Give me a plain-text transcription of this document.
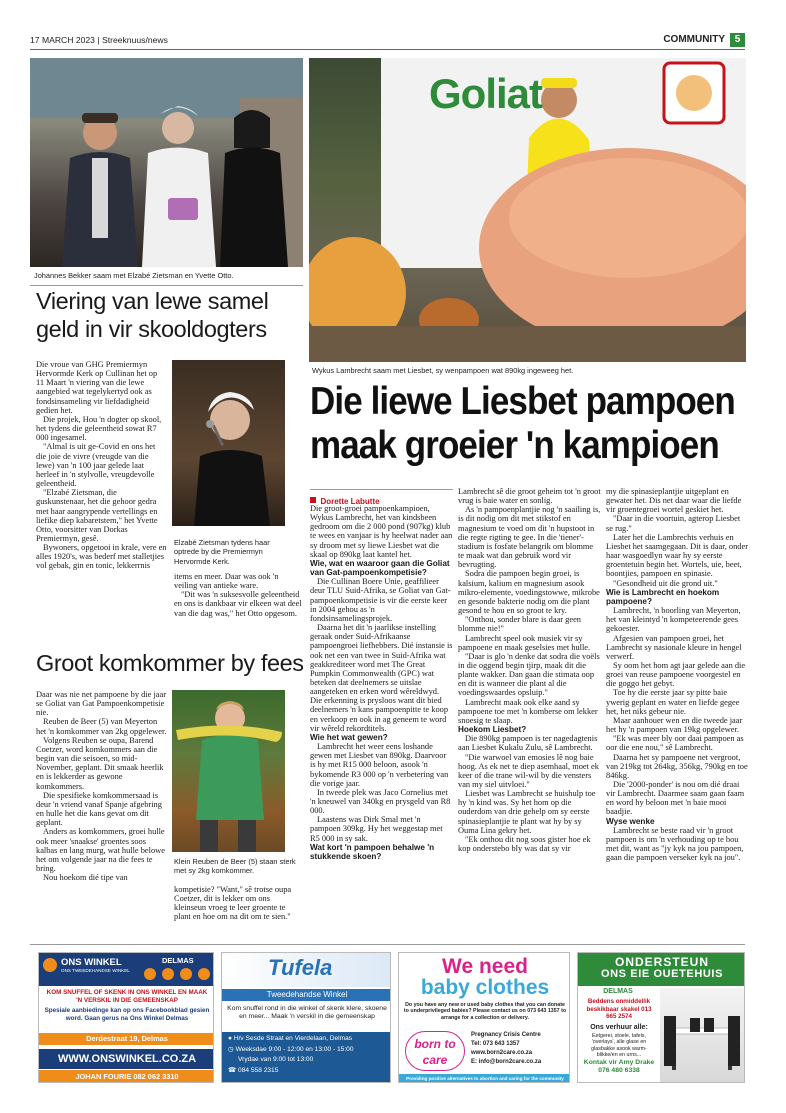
17 MARCH 2023 | Streeknuus/news	COMMUNITY 5
Johannes Bekker saam met Elzabé Zietsman en Yvette Otto.
Viering van lewe samel geld in vir skooldogters

Die vroue van GHG Premiermyn Hervormde Kerk op Cullinan het op 11 Maart 'n viering van die lewe aangebied wat tegelykertyd ook as fondsinsameling vir liefdadigheid gedien het.

Die projek, Hou 'n dogter op skool, het tydens die geleentheid sowat R7 000 ingesamel.

"Almal is uit ge-Covid en ons het die joie de vivre (vreugde van die lewe) van 'n 100 jaar gelede laat herleef in 'n stylvolle, vreugdevolle geleentheid.

"Elzabé Zietsman, die guskunstenaar, het die gehoor gedra met haar aangrypende vertellings en liefike diep kabaretstem," het Yvette Otto, voorsitter van Dorkas Premiermyn, gesê.

Bywoners, opgetooi in krale, vere en alles 1920's, was bederf met stalletjies vol gebak, gin en tonic, lekkerrnis

Elzabé Zietsman tydens haar optrede by die Premiermyn Hervormde Kerk.

items en meer. Daar was ook 'n veiling van antieke ware.

"Dit was 'n suksesvolle geleentheid en ons is dankbaar vir elkeen wat deel van die dag was," het Otto opgesom.

Groot komkommer by fees

Daar was nie net pampoene by die jaar se Goliat van Gat Pampoenkompetisie nie.

Reuben de Beer (5) van Meyerton het 'n komkommer van 2kg opgelewer.

Volgens Reuben se oupa, Barend Coetzer, word komkommers aan die begin van die seisoen, so mid-November, geplant. Dit smaak heerlik en is lekkerder as gewone komkommers.

Die spesifieke komkommersaad is deur 'n vriend vanaf Spanje afgebring en hulle het die kans gevat om dit geplant.

Anders as komkommers, groei hulle ook meer 'snaakse' groentes soos kalbas en lang murg, wat hulle belowe het om volgende jaar na die fees te bring.

Nou hoekom dié tipe van

Klein Reuben de Beer (5) staan sterk met sy 2kg komkommer.

kompetisie? "Want," sê trotse oupa Coetzer, dit is lekker om ons kleinseun vroeg te leer groente te plant en hoe om na dit om te sien."

Goliat
Wykus Lambrecht saam met Liesbet, sy wenpampoen wat 890kg ingeweeg het.
Die liewe Liesbet pampoen maak groeier 'n kampioen
Dorette Labutte

Die groot-groei pampoenkampioen, Wykus Lambrecht, het van kindsbeen gedroom om die 2 000 pond (907kg) klub te wees en vanjaar is hy heelwat nader aan sy droom met sy liewe Liesbet wat die skaal op 890kg laat kantel het.

Wie, wat en waaroor gaan die Goliat van Gat-pampoenkompetisie?

Die Cullinan Boere Unie, geaffilieer deur TLU Suid-Afrika, se Goliat van Gat-pampoenkompetisie is vir die eerste keer in 2004 gehou as 'n fondsinsamelingsprojek.

Daarna het dit 'n jaarlikse instelling geraak onder Suid-Afrikaanse pampoengroei liefhebbers. Dié instansie is ook net een van twee in Suid-Afrika wat geakkrediteer word met The Great Pumpkin Commonwealth (GPC) wat beteken dat deelnemers se uitslae aangeteken en erken word wêreldwyd. Die erkenning is prysloos want dit bied deelnemers 'n kans pampoenpitte te koop en verkoop en ook in ag geneem te word vir wêreld rekordtitels.

Wie het wat gewen?

Lambrecht het weer eens loshande gewen met Liesbet van 890kg. Daarvoor is hy met R15 000 beloon, asook 'n bykomende R3 000 op 'n verbetering van die vorige jaar.

In tweede plek was Jaco Cornelius met 'n kneuwel van 340kg en prysgeld van R8 000.

Laastens was Dirk Smal met 'n pampoen 309kg. Hy het weggestap met R5 000 in sy sak.

Wat kort 'n pampoen behalwe 'n stukkende skoen?

Lambrecht sê die groot geheim tot 'n groot vrug is baie water en sonlig.

As 'n pampoenplantjie nog 'n saailing is, is dit nodig om dit met stikstof en magnesium te voed om dit 'n hupstoot in die regte rigting te gee. In die 'tiener'-stadium is fosfate belangrik om blomme te maak wat dan gebruik word vir bevrugting.

Sodra die pampoen begin groei, is kalsium, kalium en magnesium asook mikro-elemente, voedingstowwe, mikrobe en gesonde bakterie nodig om die plant gesond te hou en so groot te kry.

"Onthou, sonder blare is daar geen blomme nie!"

Lambrecht speel ook musiek vir sy pampoene en maak geselsies met hulle.

"Daar is glo 'n denke dat sodra die voëls in die oggend begin tjirp, maak dit die plante wakker. Dan gaan die stimata oop en dit is wanneer die plant al die voedingswaardes opsluip."

Lambrecht maak ook elke aand sy pampoene toe met 'n komberse om lekker snoesig te slaap.

Hoekom Liesbet?

Die 890kg pampoen is ter nagedagtenis aan Liesbet Kukalu Zulu, sê Lambrecht.

"Die warwoel van emosies lê nog baie hoog. As ek net te diep asemhaal, moet ek keer of die trane wil-wil by die vensters van my siel uitvloei."

Liesbet was Lambrecht se huishulp toe hy 'n kind was. Sy het hom op die ouderdom van drie gehelp om sy eerste spinasieplantjie te plant wat hy by sy Ouma Lina gekry het.

"Ek onthou dit nog soos gister hoe ek kop onderstebo bly was dat sy vir

my die spinasieplantjie uitgeplant en gewater het. Dis net daar waar die liefde vir groentegroei wortel geskiet het.

"Daar in die voortuin, agterop Liesbet se rug."

Later het die Lambrechts verhuis en Liesbet het saamgegaan. Dit is daar, onder haar wasgoedlyn waar hy sy eerste groentetuin begin het. Wortels, uie, beet, boontjies, pampoen en spinasie.

"Gesondheid uit die grond uit."

Wie is Lambrecht en hoekom pampoene?

Lambrecht, 'n boorling van Meyerton, het van kleintyd 'n kompeteerende gees gekoester.

Afgesien van pampoen groei, het Lambrecht sy nasionale kleure in hengel verwerf.

Sy oom het hom agt jaar gelede aan die groei van reuse pampoene voorgestel en die goggo het gebyt.

Toe hy die eerste jaar sy pitte baie ywerig geplant en water en liefde gegee het, het niks gebeur nie.

Maar aanhouer wen en die tweede jaar het hy 'n pampoen van 19kg opgelewer.

"Ek was meer bly oor daai pampoen as oor die ene nou," sê Lambrecht.

Daarna het sy pampoene net vergroot, van 219kg tot 264kg, 356kg, 790kg en toe 846kg.

Die '2000-ponder' is nou om dié draai vir Lambrecht. Daarmee saam gaan faam en word hy beloon met 'n baie mooi baadjie.

Wyse wenke

Lambrecht se beste raad vir 'n groot pampoen is om 'n verhouding op te bou met dit, want as "jy kyk na jou pampoen, gaan die pampoen verseker kyk na jou".

ONS WINKEL
ONS TWEEDEHANDSE WINKEL
DELMAS

KOM SNUFFEL OF SKENK IN ONS WINKEL EN MAAK 'N VERSKIL IN DIE GEMEENSKAP
Spesiale aanbiedinge kan op ons Facebookblad gesien word. Gaan gerus na Ons Winkel Delmas
Derdestraat 19, Delmas
WWW.ONSWINKEL.CO.ZA
JOHAN FOURIE 082 062 3310
Tufela
Tweedehandse Winkel
Kom snuffel rond in die winkel of skenk klere, skoene en meer... Maak 'n verskil in die gemeenskap
● H/v Sesde Straat en Vierdelaan, Delmas
◷ Weeksdae 9:00 - 12:00 en 13:00 - 15:00
Vrydae van 9:00 tot 13:00
☎ 084 558 2315
We need
baby clothes
Do you have any new or used baby clothes that you can donate to underprivileged babies? Please contact us on 073 643 1357 to arrange for a collection or delivery.
born to care
Pregnancy Crisis Centre
Tel: 073 643 1357
www.born2care.co.za
E: info@born2care.co.za
Providing positive alternatives to abortion and caring for the community
ONDERSTEUN
ONS EIE OUETEHUIS
DELMAS
Beddens onmiddellik beskikbaar skakel 013 665 2574
Ons verhuur alle:
Eetgerei, stoele, tafels, 'overlays', alle glase en glasbakke asook warm-blikke/en en urns...
Kontak vir Amy Drake 076 480 6338
